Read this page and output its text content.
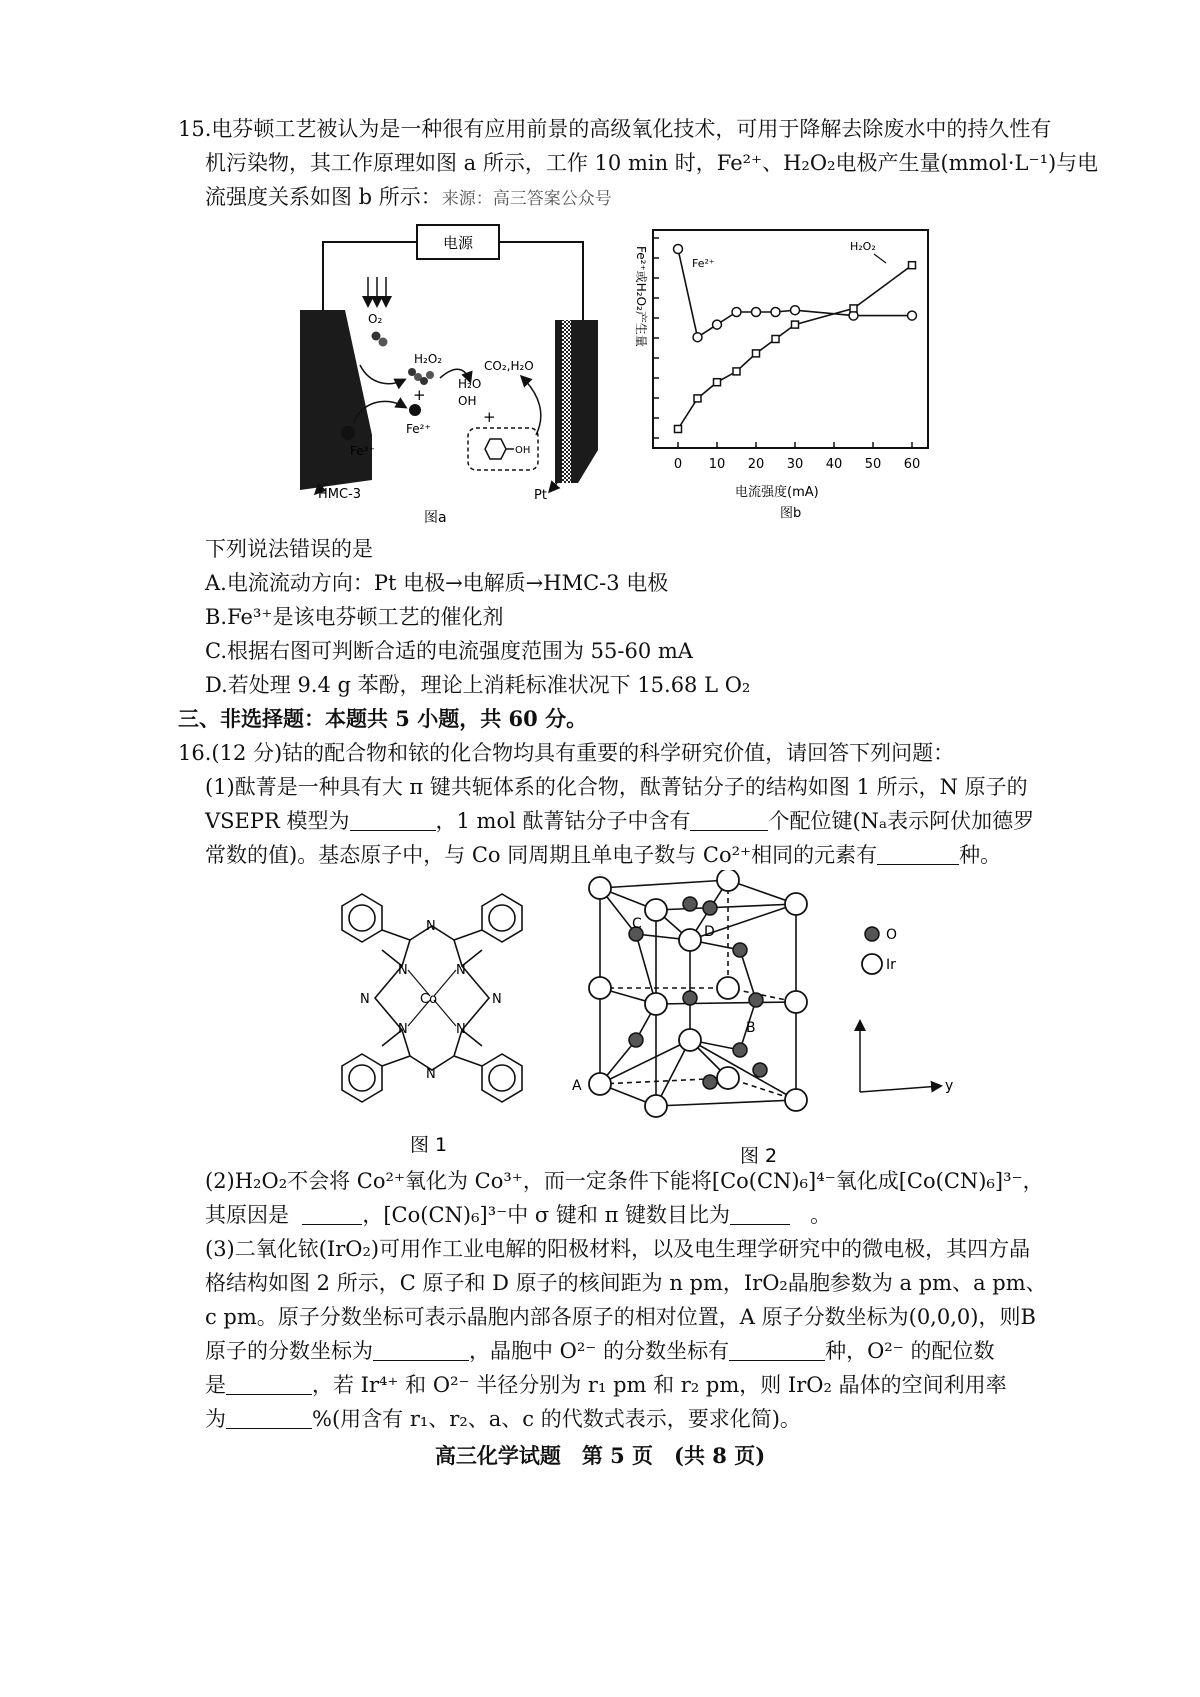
15.电芬顿工艺被认为是一种很有应用前景的高级氧化技术，可用于降解去除废水中的持久性有
机污染物，其工作原理如图 a 所示，工作 10 min 时，Fe²⁺、H₂O₂电极产生量(mmol·L⁻¹)与电
流强度关系如图 b 所示：来源：高三答案公众号
电源
O₂
H₂O₂
+
Fe²⁺
Fe³⁺
H₂O
OH
+
CO₂,H₂O
OH
HMC-3	Pt
图a
0 10 20 30 40 50 60
Fe²⁺或H₂O₂产生量
电流强度(mA)
图b
Fe²⁺
H₂O₂
下列说法错误的是
A.电流流动方向：Pt 电极→电解质→HMC-3 电极
B.Fe³⁺是该电芬顿工艺的催化剂
C.根据右图可判断合适的电流强度范围为 55-60 mA
D.若处理 9.4 g 苯酚，理论上消耗标准状况下 15.68 L O₂
三、非选择题：本题共 5 小题，共 60 分。
16.(12 分)钴的配合物和铱的化合物均具有重要的科学研究价值，请回答下列问题：
(1)酞菁是一种具有大 π 键共轭体系的化合物，酞菁钴分子的结构如图 1 所示，N 原子的
VSEPR 模型为	，1 mol 酞菁钴分子中含有	个配位键(Nₐ表示阿伏加德罗
常数的值)。基态原子中，与 Co 同周期且单电子数与 Co²⁺相同的元素有	种。
N
N	N
N
N	N
N	N
Co
图 1
C	D
B
A
O
Ir
y
图 2
(2)H₂O₂不会将 Co²⁺氧化为 Co³⁺，而一定条件下能将[Co(CN)₆]⁴⁻氧化成[Co(CN)₆]³⁻，
其原因是	，[Co(CN)₆]³⁻中 σ 键和 π 键数目比为	。
(3)二氧化铱(IrO₂)可用作工业电解的阳极材料，以及电生理学研究中的微电极，其四方晶
格结构如图 2 所示，C 原子和 D 原子的核间距为 n pm，IrO₂晶胞参数为 a pm、a pm、
c pm。原子分数坐标可表示晶胞内部各原子的相对位置，A 原子分数坐标为(0,0,0)，则B
原子的分数坐标为	，晶胞中 O²⁻ 的分数坐标有	种，O²⁻ 的配位数
是	，若 Ir⁴⁺ 和 O²⁻ 半径分别为 r₁ pm 和 r₂ pm，则 IrO₂ 晶体的空间利用率
为	%(用含有 r₁、r₂、a、c 的代数式表示，要求化简)。
高三化学试题　第 5 页　(共 8 页)
